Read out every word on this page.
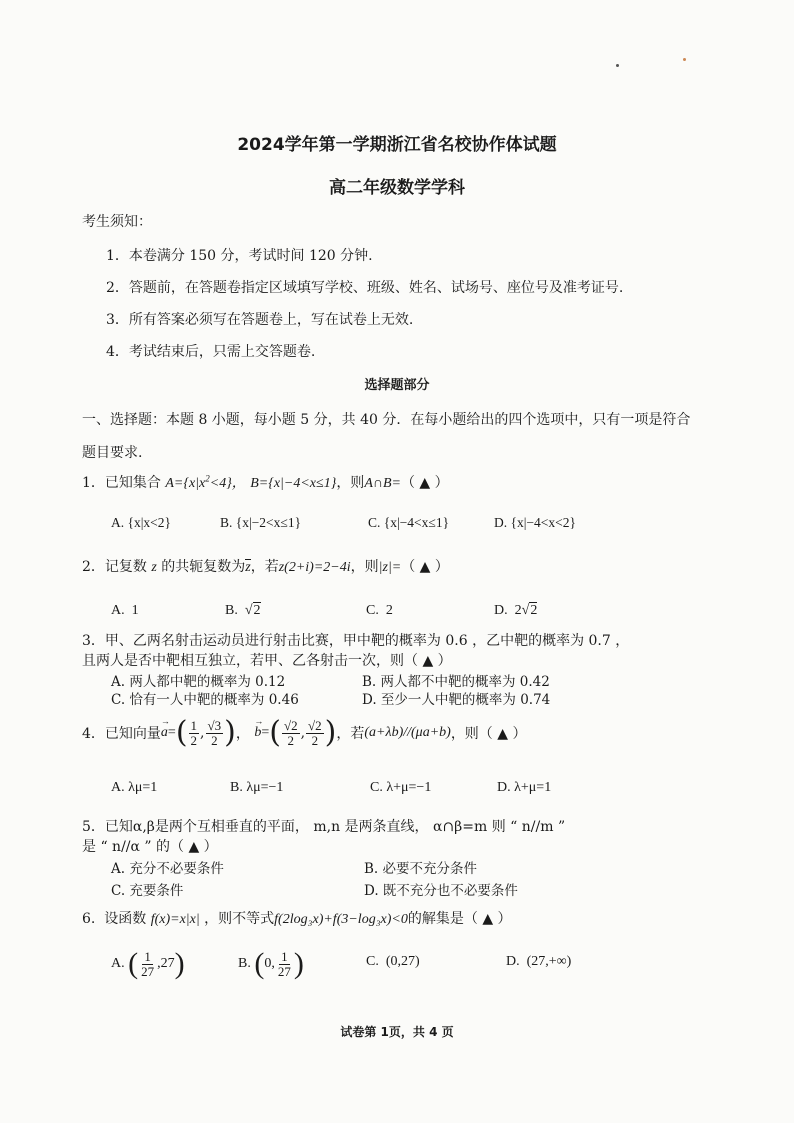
2024学年第一学期浙江省名校协作体试题
高二年级数学学科
考生须知：
1．本卷满分 150 分，考试时间 120 分钟.
2．答题前，在答题卷指定区域填写学校、班级、姓名、试场号、座位号及准考证号.
3．所有答案必须写在答题卷上，写在试卷上无效.
4．考试结束后，只需上交答题卷.
选择题部分
一、选择题：本题 8 小题，每小题 5 分，共 40 分．在每小题给出的四个选项中，只有一项是符合
题目要求.
1．已知集合 $A=\{x|x^2<4\}$， B={x|−4<x≤1}，则A∩B=（ ▲ ）
A. {x|x<2}	B. {x|−2<x≤1}	C. {x|−4<x≤1}	D. {x|−4<x<2}
2．记复数 z 的共轭复数为z，若z(2+i)=2−4i，则|z|=（ ▲ ）
A. 1	B.  √2	C. 2	D. 2√2
3．甲、乙两名射击运动员进行射击比赛，甲中靶的概率为 0.6 ，乙中靶的概率为 0.7 ，
且两人是否中靶相互独立，若甲、乙各射击一次，则（ ▲ ）
A. 两人都中靶的概率为 0.12	B. 两人都不中靶的概率为 0.42
C. 恰有一人中靶的概率为 0.46	D. 至少一人中靶的概率为 0.74
4． 已知向量 → a = ( $\frac{1}{2}$ , $\frac{√3}{2}$ ) ， → b = ( $\frac{√2}{2}$ , $\frac{√2}{2}$ ) ，若 (a+λb)//(μa+b) ，则（ ▲ ）
A. λμ=1	B. λμ=−1	C. λ+μ=−1	D. λ+μ=1
5．已知α,β是两个互相垂直的平面， m,n 是两条直线， α∩β=m 则 “ n//m ”
是 “ n//α ” 的（ ▲ ）
A. 充分不必要条件	B. 必要不充分条件
C. 充要条件	D. 既不充分也不必要条件
6. 设函数 f(x)=x|x| ，则不等式f(2log₃x)+f(3−log₃x)<0的解集是（ ▲ ）
A.
( $\frac{1}{27} ,27$ )	B.
( 0, $\frac{1}{27}$ )	C. (0,27)	D. (27,+∞)
试卷第 1页，共 4 页
